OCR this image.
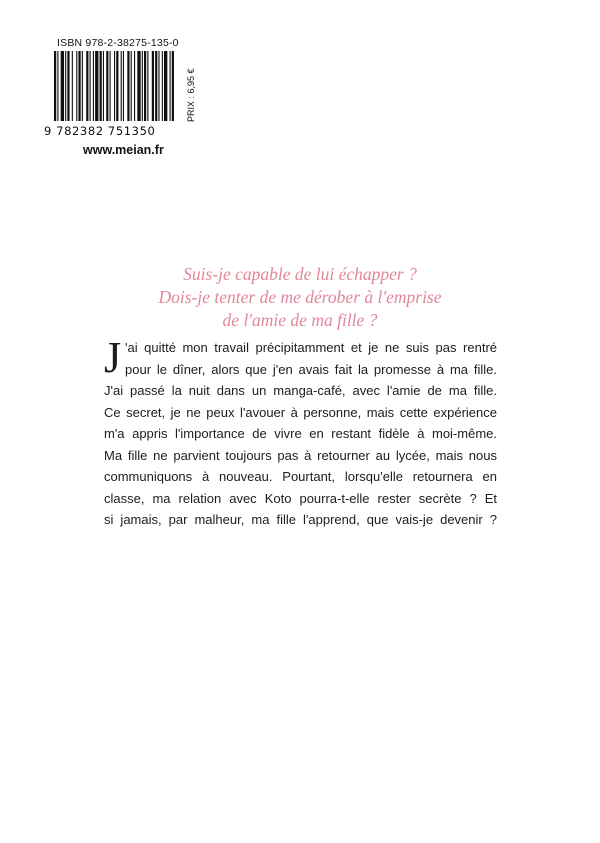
ISBN 978-2-38275-135-0
9 782382 751350
PRIX : 6,95 €
www.meian.fr
Suis-je capable de lui échapper ?
Dois-je tenter de me dérober à l'emprise
de l'amie de ma fille ?
J 'ai quitté mon travail précipitamment et je ne suis pas rentré
pour le dîner, alors que j'en avais fait la promesse à ma fille.
J'ai passé la nuit dans un manga-café, avec l'amie de ma fille.
Ce secret, je ne peux l'avouer à personne, mais cette expérience
m'a appris l'importance de vivre en restant fidèle à moi-même.
Ma fille ne parvient toujours pas à retourner au lycée, mais nous
communiquons à nouveau. Pourtant, lorsqu'elle retournera en
classe, ma relation avec Koto pourra-t-elle rester secrète ? Et
si jamais, par malheur, ma fille l'apprend, que vais-je devenir ?
